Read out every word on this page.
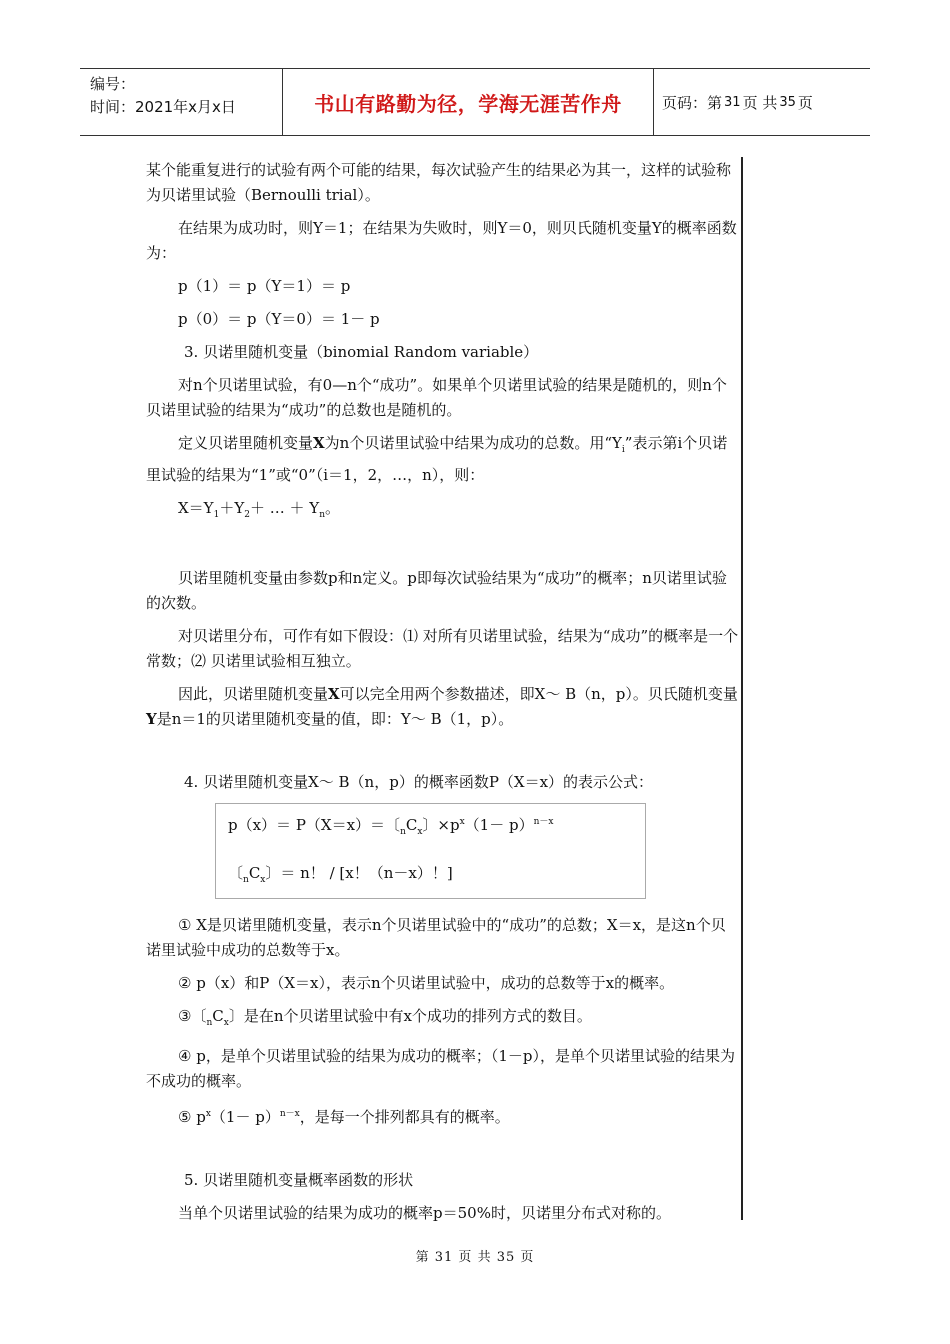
编号：
时间：2021年x月x日	书山有路勤为径，学海无涯苦作舟	页码：第 31 页 共 35 页

某个能重复进行的试验有两个可能的结果，每次试验产生的结果必为其一，这样的试验称为贝诺里试验（Bernoulli trial）。

在结果为成功时，则Y＝1；在结果为失败时，则Y＝0，则贝氏随机变量Y的概率函数为：

p（1）＝ p（Y＝1）＝ p

p（0）＝ p（Y＝0）＝ 1－ p

3. 贝诺里随机变量（binomial Random variable）

对n个贝诺里试验，有0—n个“成功”。如果单个贝诺里试验的结果是随机的，则n个贝诺里试验的结果为“成功”的总数也是随机的。

定义贝诺里随机变量X为n个贝诺里试验中结果为成功的总数。用“$Y_i$”表示第i个贝诺里试验的结果为“1”或“0”（i＝1，2，…，n），则：

$X=Y_1+Y_2+$ … ＋ $Y_n$。

贝诺里随机变量由参数p和n定义。p即每次试验结果为“成功”的概率；n贝诺里试验的次数。

对贝诺里分布，可作有如下假设：⑴ 对所有贝诺里试验，结果为“成功”的概率是一个常数；⑵ 贝诺里试验相互独立。

因此，贝诺里随机变量X可以完全用两个参数描述，即X～ B（n，p）。贝氏随机变量Y是n＝1的贝诺里随机变量的值，即：Y～ B（1，p）。

4. 贝诺里随机变量X～ B（n，p）的概率函数P（X＝x）的表示公式：

p（x）＝ P（X＝x）＝〔$_nC_x$〕$\times p^x(1- p)^{n-x}$
〔$_nC_x$〕＝ n！ / [x！（n－x）！]

① X是贝诺里随机变量，表示n个贝诺里试验中的“成功”的总数；X＝x，是这n个贝诺里试验中成功的总数等于x。

② p（x）和P（X＝x），表示n个贝诺里试验中，成功的总数等于x的概率。

③〔$_nC_x$〕是在n个贝诺里试验中有x个成功的排列方式的数目。

④ p，是单个贝诺里试验的结果为成功的概率；（1－p），是单个贝诺里试验的结果为不成功的概率。

⑤ $p^x(1- p)^{n-x}$，是每一个排列都具有的概率。

5. 贝诺里随机变量概率函数的形状

当单个贝诺里试验的结果为成功的概率p＝50%时，贝诺里分布式对称的。

第 31 页 共 35 页
